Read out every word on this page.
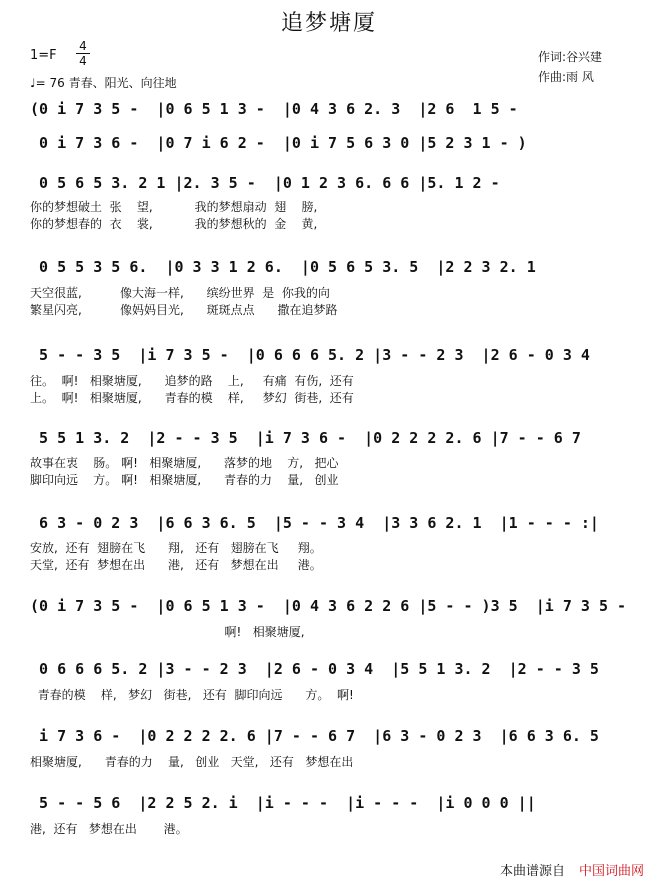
追梦塘厦
1=F
4
4
♩= 76 青春、阳光、向往地
作词:谷兴建
作曲:雨 风
(0 i 7 3 5 -  |0 6 5 1 3 -  |0 4 3 6 2. 3  |2 6  1 5 -
0 i 7 3 6 -  |0 7 i 6 2 -  |0 i 7 5 6 3 0 |5 2 3 1 - )
0 5 6 5 3. 2 1 |2. 3 5 -  |0 1 2 3 6. 6 6 |5. 1 2 -
你的梦想破土  张    望,           我的梦想扇动  翅    膀,
你的梦想春的  衣    裳,           我的梦想秋的  金    黄,
0 5 5 3 5 6.  |0 3 3 1 2 6.  |0 5 6 5 3. 5  |2 2 3 2. 1
天空很蓝,          像大海一样,      缤纷世界  是  你我的向
繁星闪亮,          像妈妈目光,      斑斑点点      撒在追梦路
5 - - 3 5  |i 7 3 5 -  |0 6 6 6 5. 2 |3 - - 2 3  |2 6 - 0 3 4
往。  啊!   相聚塘厦,      追梦的路    上,     有痛  有伤,  还有
上。  啊!   相聚塘厦,      青春的模    样,     梦幻  街巷,  还有
5 5 1 3. 2  |2 - - 3 5  |i 7 3 6 -  |0 2 2 2 2. 6 |7 - - 6 7
故事在衷    肠。 啊!   相聚塘厦,      落梦的地    方,   把心
脚印向远    方。 啊!   相聚塘厦,      青春的力    量,   创业
6 3 - 0 2 3  |6 6 3 6. 5  |5 - - 3 4  |3 3 6 2. 1  |1 - - - :|
安放,  还有  翅膀在飞      翔,   还有   翅膀在飞     翔。
天堂,  还有  梦想在出      港,   还有   梦想在出     港。
(0 i 7 3 5 -  |0 6 5 1 3 -  |0 4 3 6 2 2 6 |5 - - )3 5  |i 7 3 5 -
啊!   相聚塘厦,
0 6 6 6 5. 2 |3 - - 2 3  |2 6 - 0 3 4  |5 5 1 3. 2  |2 - - 3 5
青春的模    样,   梦幻   街巷,   还有  脚印向远      方。  啊!
i 7 3 6 -  |0 2 2 2 2. 6 |7 - - 6 7  |6 3 - 0 2 3  |6 6 3 6. 5
相聚塘厦,      青春的力    量,   创业   天堂,   还有   梦想在出
5 - - 5 6  |2 2 5 2. i  |i - - -  |i - - -  |i 0 0 0 ||
港,  还有   梦想在出       港。
本曲谱源自 中国词曲网
